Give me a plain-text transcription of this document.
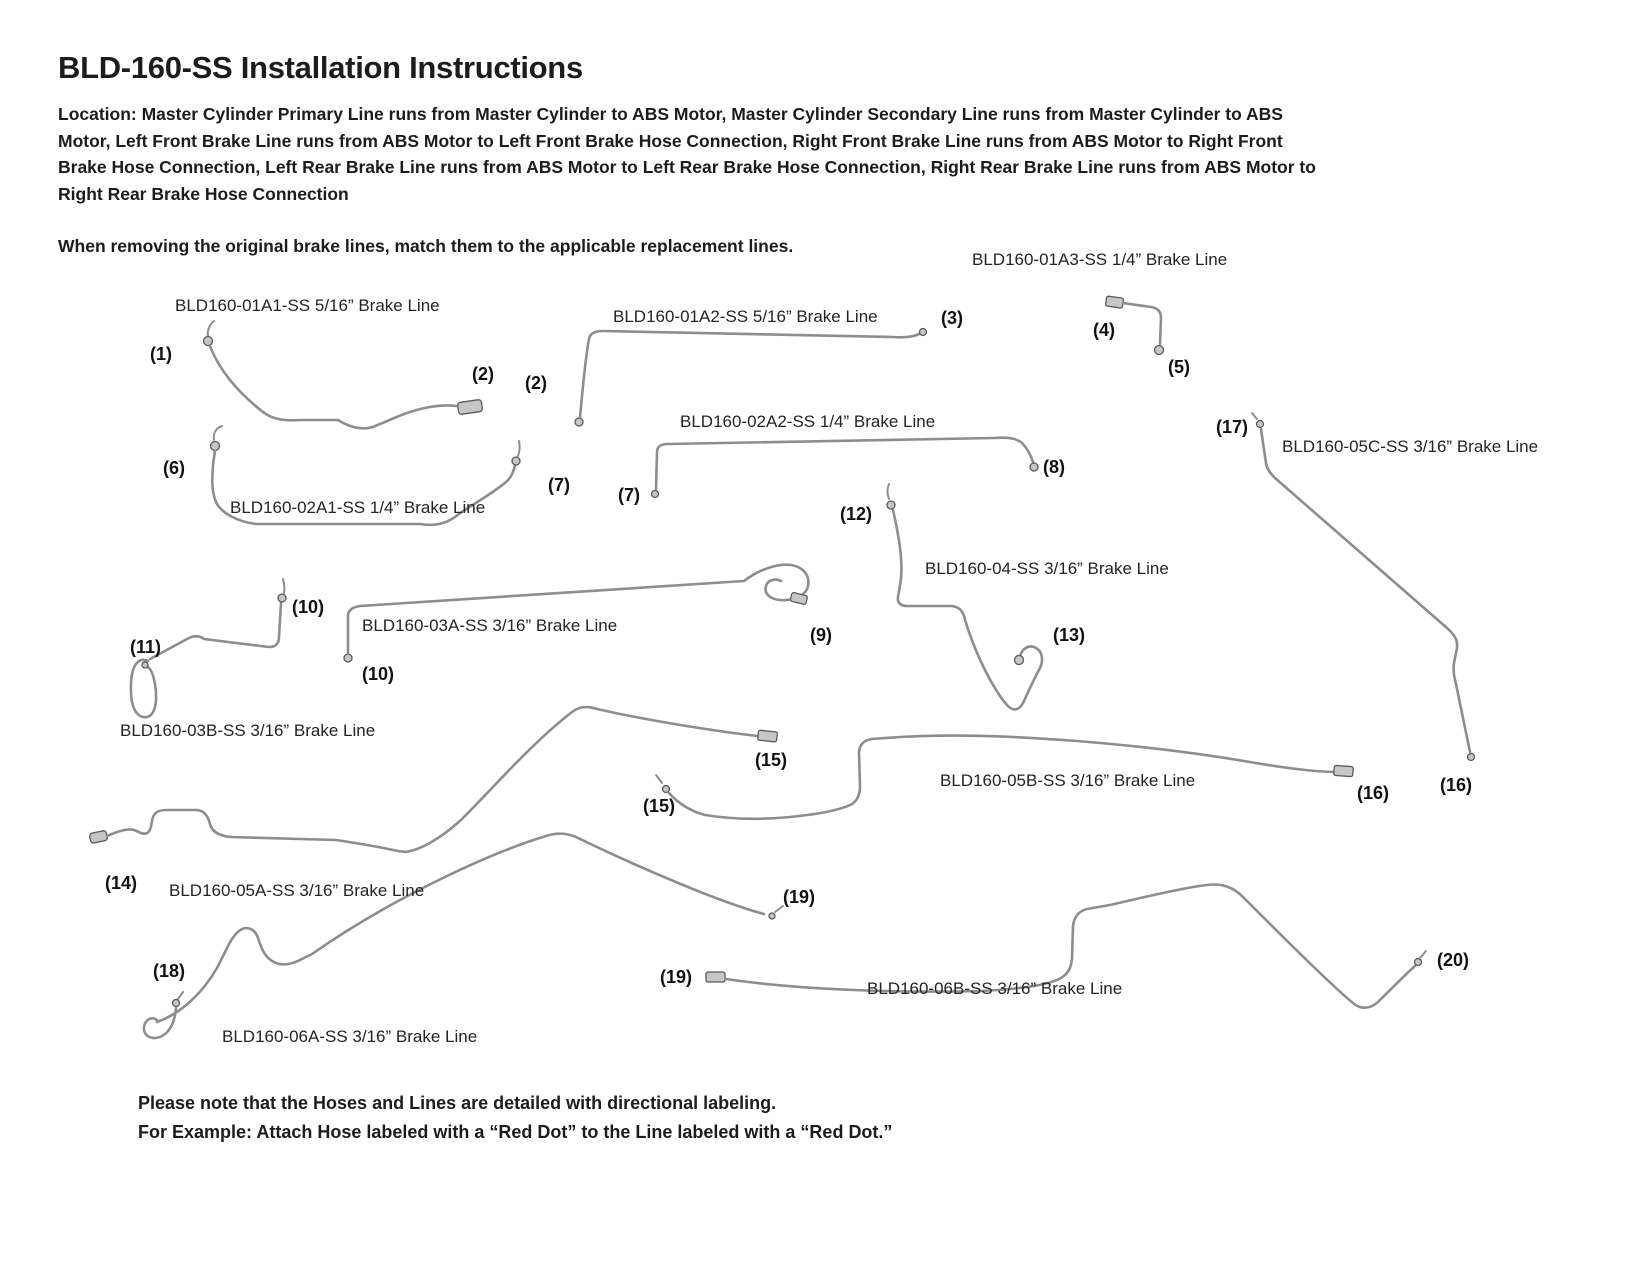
BLD-160-SS Installation Instructions
Location: Master Cylinder Primary Line runs from Master Cylinder to ABS Motor, Master Cylinder Secondary Line runs from Master Cylinder to ABS
Motor, Left Front Brake Line runs from ABS Motor to Left Front Brake Hose Connection, Right Front Brake Line runs from ABS Motor to Right Front
Brake Hose Connection, Left Rear Brake Line runs from ABS Motor to Left Rear Brake Hose Connection, Right Rear Brake Line runs from ABS Motor to
Right Rear Brake Hose Connection
When removing the original brake lines, match them to the applicable replacement lines.
BLD160-01A1-SS 5/16” Brake Line
BLD160-01A2-SS 5/16” Brake Line
BLD160-01A3-SS 1/4” Brake Line
BLD160-02A1-SS 1/4” Brake Line
BLD160-02A2-SS 1/4” Brake Line
BLD160-03A-SS 3/16” Brake Line
BLD160-03B-SS 3/16” Brake Line
BLD160-04-SS 3/16” Brake Line
BLD160-05A-SS 3/16” Brake Line
BLD160-05B-SS 3/16” Brake Line
BLD160-05C-SS 3/16” Brake Line
BLD160-06A-SS 3/16” Brake Line
BLD160-06B-SS 3/16” Brake Line
(1)
(2) (2)
(3)
(4)
(5)
(6)
(7)	(7)
(8)
(9)
(10)
(10)
(11)
(12)
(13)
(14)
(15)
(15)
(16)	(16)
(17)
(18)
(19)
(19)
(20)
Please note that the Hoses and Lines are detailed with directional labeling.
For Example: Attach Hose labeled with a “Red Dot” to the Line labeled with a “Red Dot.”
